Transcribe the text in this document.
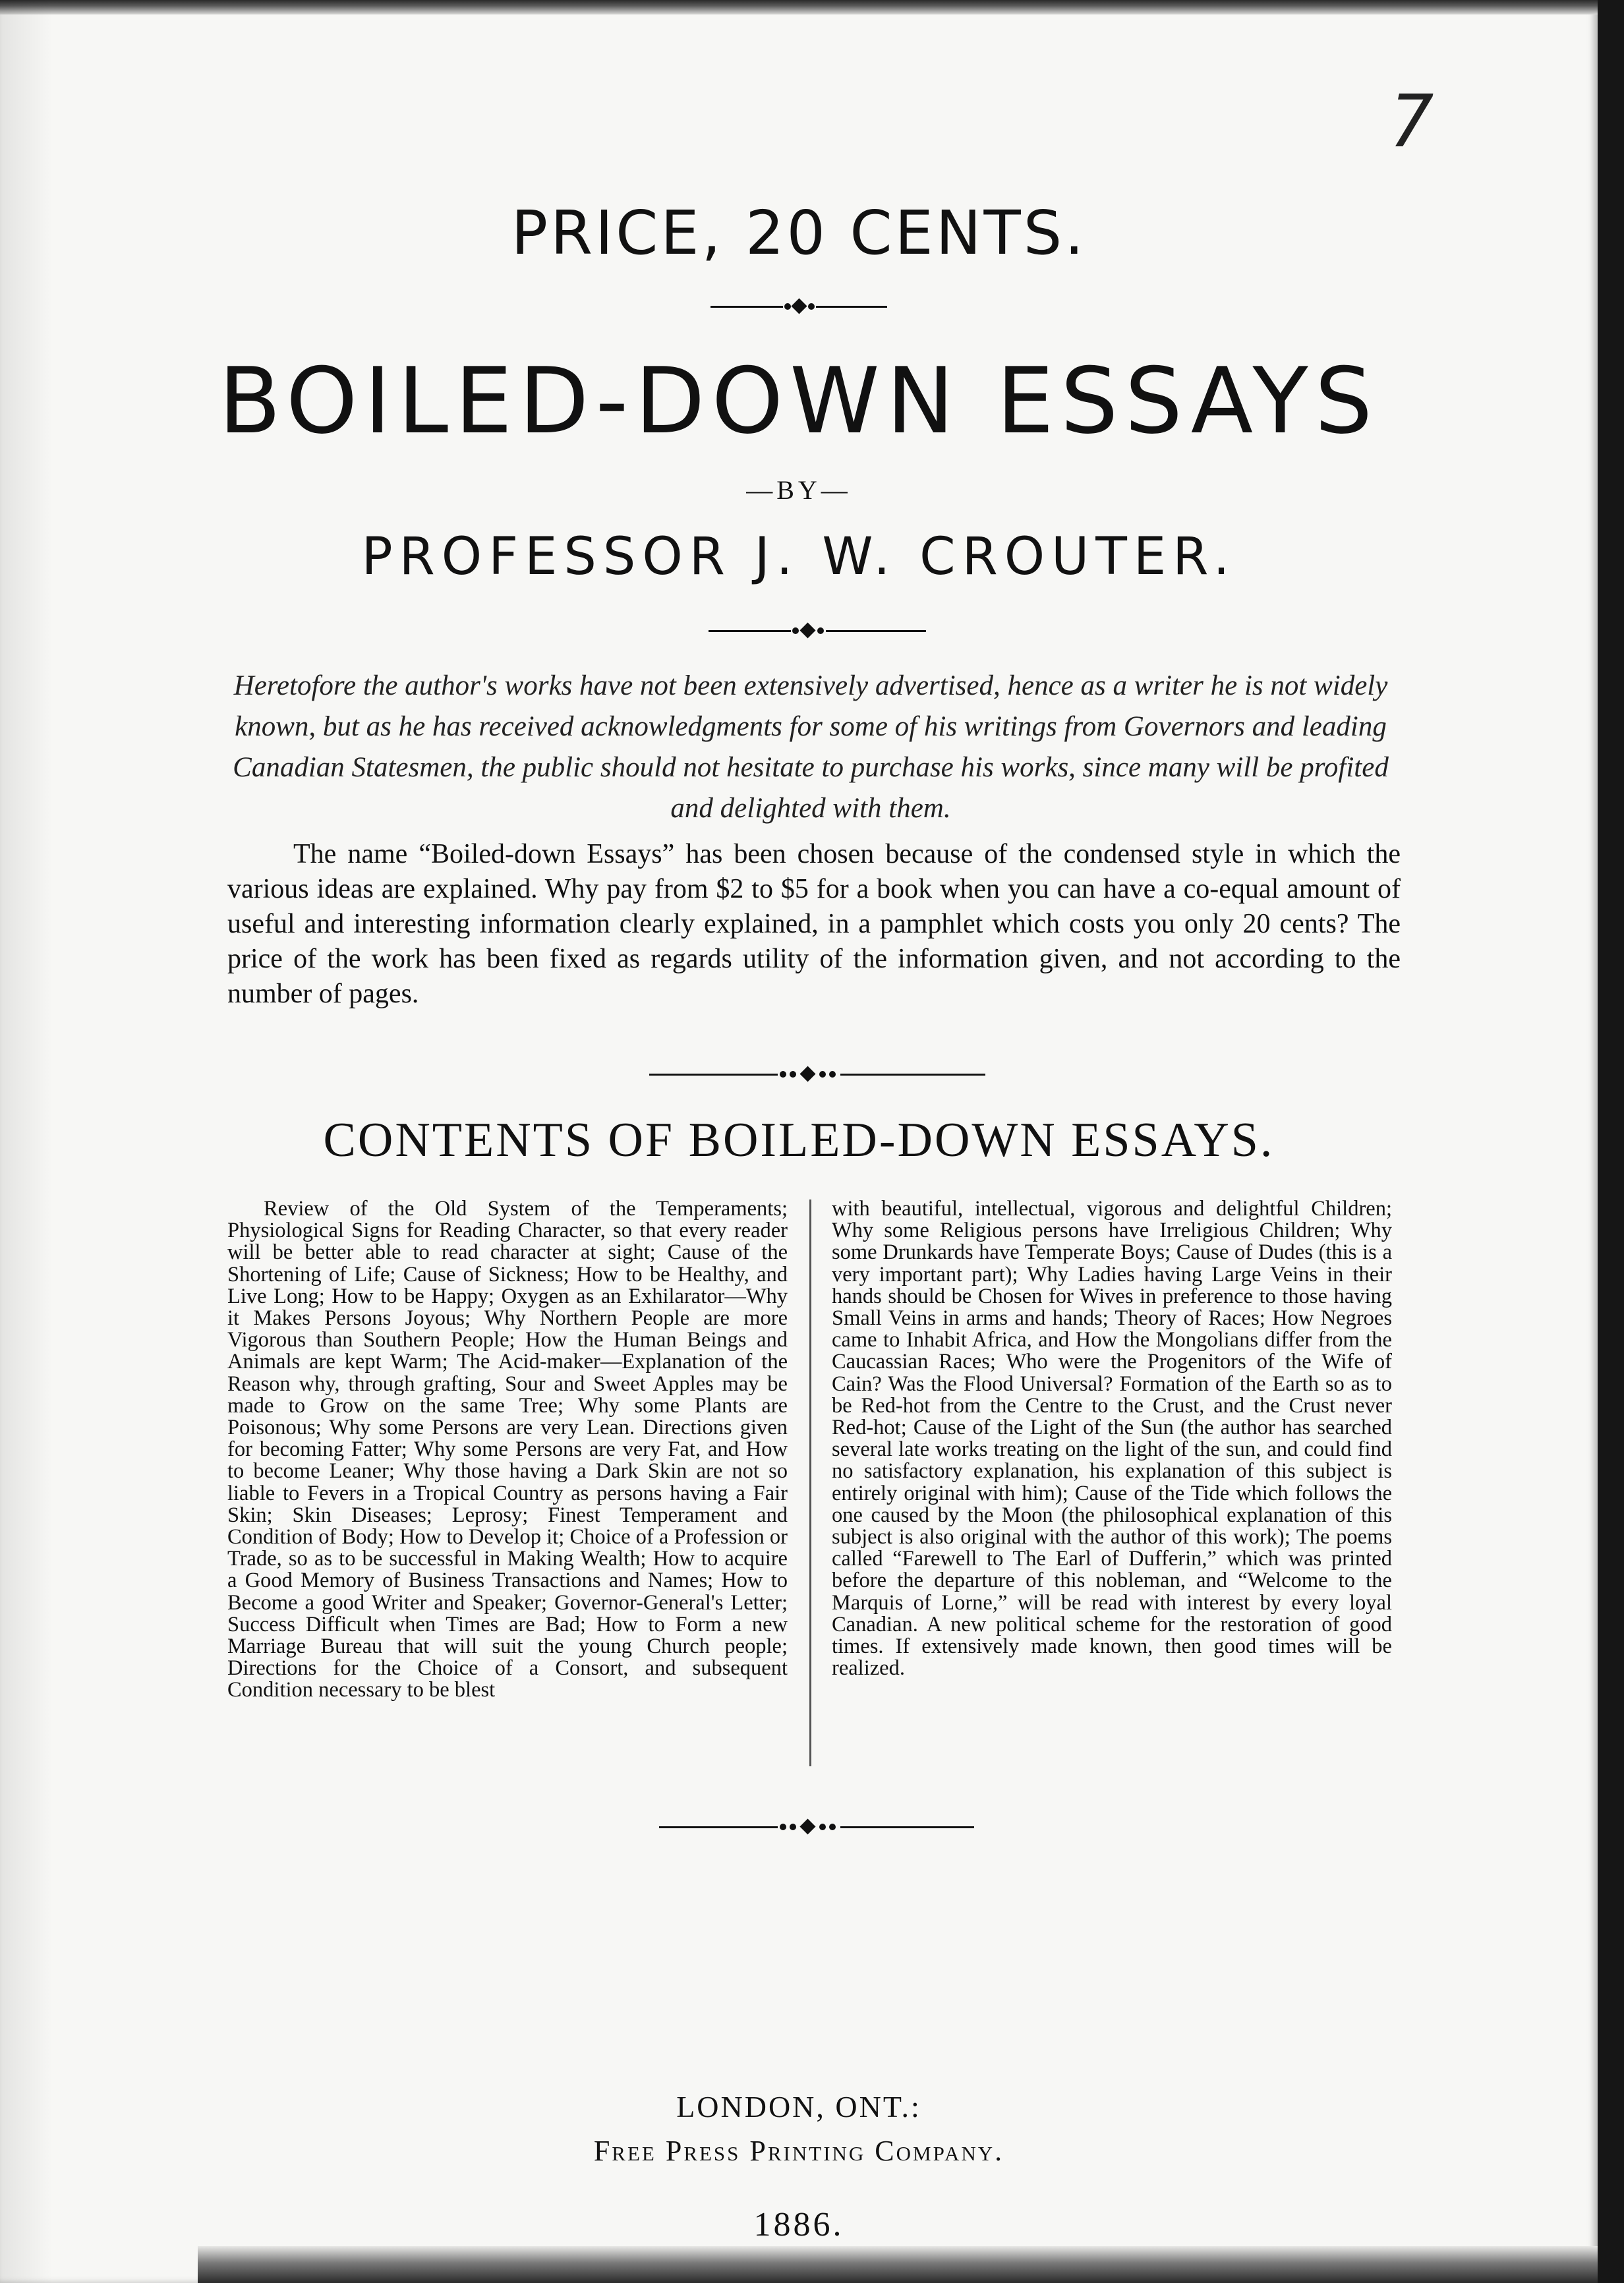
7
PRICE, 20 CENTS.
BOILED-DOWN ESSAYS
—BY—
PROFESSOR J. W. CROUTER.
Heretofore the author's works have not been extensively advertised, hence as a writer he is not widely known, but as he has received acknowledgments for some of his writings from Governors and leading Canadian Statesmen, the public should not hesitate to purchase his works, since many will be profited and delighted with them.
The name “Boiled-down Essays” has been chosen because of the condensed style in which the various ideas are explained. Why pay from $2 to $5 for a book when you can have a co-equal amount of useful and interesting information clearly explained, in a pamphlet which costs you only 20 cents? The price of the work has been fixed as regards utility of the information given, and not according to the number of pages.
CONTENTS OF BOILED-DOWN ESSAYS.
Review of the Old System of the Temperaments; Physiological Signs for Reading Character, so that every reader will be better able to read character at sight; Cause of the Shortening of Life; Cause of Sickness; How to be Healthy, and Live Long; How to be Happy; Oxygen as an Exhilarator—Why it Makes Persons Joyous; Why Northern People are more Vigorous than Southern People; How the Human Beings and Animals are kept Warm; The Acid-maker—Explanation of the Reason why, through grafting, Sour and Sweet Apples may be made to Grow on the same Tree; Why some Plants are Poisonous; Why some Persons are very Lean. Directions given for becoming Fatter; Why some Persons are very Fat, and How to become Leaner; Why those having a Dark Skin are not so liable to Fevers in a Tropical Country as persons having a Fair Skin; Skin Diseases; Leprosy; Finest Temperament and Condition of Body; How to Develop it; Choice of a Profession or Trade, so as to be successful in Making Wealth; How to acquire a Good Memory of Business Transactions and Names; How to Become a good Writer and Speaker; Governor-General's Letter; Success Difficult when Times are Bad; How to Form a new Marriage Bureau that will suit the young Church people; Directions for the Choice of a Consort, and subsequent Condition necessary to be blest
with beautiful, intellectual, vigorous and delightful Children; Why some Religious persons have Irreligious Children; Why some Drunkards have Temperate Boys; Cause of Dudes (this is a very important part); Why Ladies having Large Veins in their hands should be Chosen for Wives in preference to those having Small Veins in arms and hands; Theory of Races; How Negroes came to Inhabit Africa, and How the Mongolians differ from the Caucassian Races; Who were the Progenitors of the Wife of Cain? Was the Flood Universal? Formation of the Earth so as to be Red-hot from the Centre to the Crust, and the Crust never Red-hot; Cause of the Light of the Sun (the author has searched several late works treating on the light of the sun, and could find no satisfactory explanation, his explanation of this subject is entirely original with him); Cause of the Tide which follows the one caused by the Moon (the philosophical explanation of this subject is also original with the author of this work); The poems called “Farewell to The Earl of Dufferin,” which was printed before the departure of this nobleman, and “Welcome to the Marquis of Lorne,” will be read with interest by every loyal Canadian. A new political scheme for the restoration of good times. If extensively made known, then good times will be realized.
LONDON, ONT.:
Free Press Printing Company.
1886.
